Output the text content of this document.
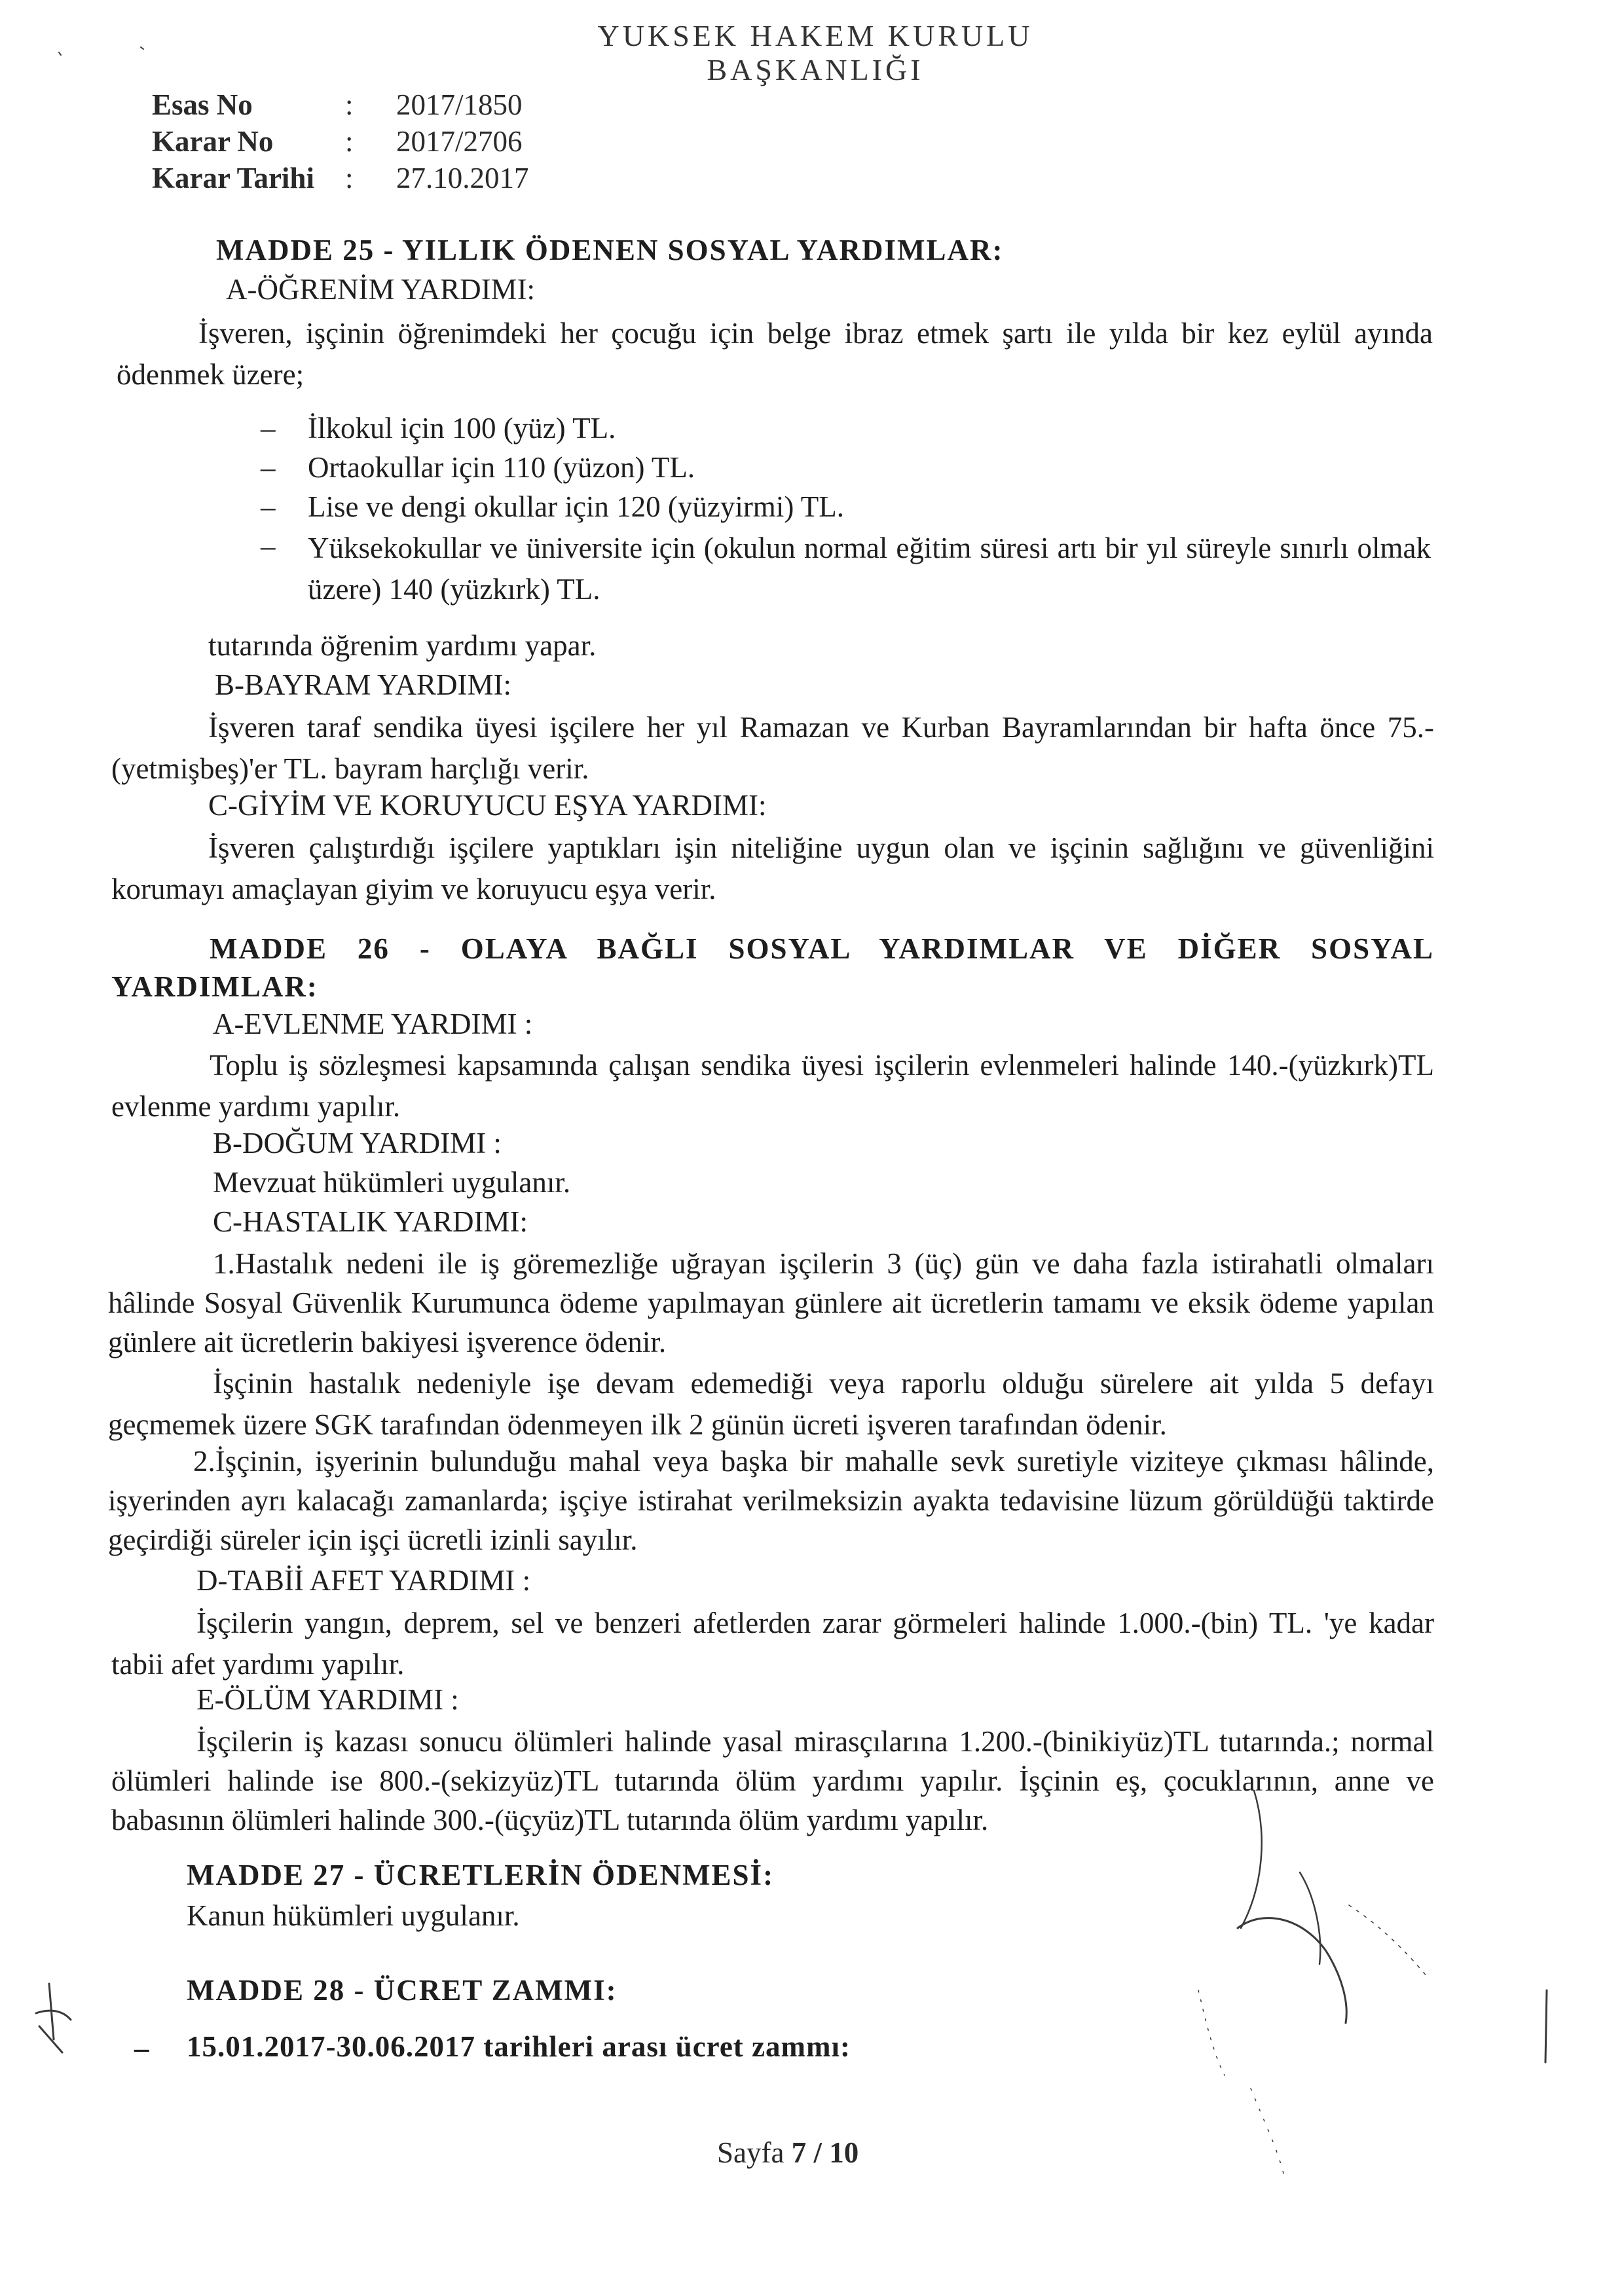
YUKSEK HAKEM KURULU
BAŞKANLIĞI
Esas No	: 2017/1850
Karar No : 2017/2706
Karar Tarihi : 27.10.2017
MADDE 25 - YILLIK ÖDENEN SOSYAL YARDIMLAR:
A-ÖĞRENİM YARDIMI:
İşveren, işçinin öğrenimdeki her çocuğu için belge ibraz etmek şartı ile yılda bir kez eylül ayında ödenmek üzere;
– İlkokul için 100 (yüz) TL.
– Ortaokullar için 110 (yüzon) TL.
– Lise ve dengi okullar için 120 (yüzyirmi) TL.
– Yüksekokullar ve üniversite için (okulun normal eğitim süresi artı bir yıl süreyle sınırlı olmak üzere) 140 (yüzkırk) TL.
tutarında öğrenim yardımı yapar.
B-BAYRAM YARDIMI:
İşveren taraf sendika üyesi işçilere her yıl Ramazan ve Kurban Bayramlarından bir hafta önce 75.-(yetmişbeş)'er TL. bayram harçlığı verir.
C-GİYİM VE KORUYUCU EŞYA YARDIMI:
İşveren çalıştırdığı işçilere yaptıkları işin niteliğine uygun olan ve işçinin sağlığını ve güvenliğini korumayı amaçlayan giyim ve koruyucu eşya verir.
MADDE 26 - OLAYA BAĞLI SOSYAL YARDIMLAR VE DİĞER SOSYAL YARDIMLAR:
A-EVLENME YARDIMI :
Toplu iş sözleşmesi kapsamında çalışan sendika üyesi işçilerin evlenmeleri halinde 140.-(yüzkırk)TL evlenme yardımı yapılır.
B-DOĞUM YARDIMI :
Mevzuat hükümleri uygulanır.
C-HASTALIK YARDIMI:
1.Hastalık nedeni ile iş göremezliğe uğrayan işçilerin 3 (üç) gün ve daha fazla istirahatli olmaları hâlinde Sosyal Güvenlik Kurumunca ödeme yapılmayan günlere ait ücretlerin tamamı ve eksik ödeme yapılan günlere ait ücretlerin bakiyesi işverence ödenir.
İşçinin hastalık nedeniyle işe devam edemediği veya raporlu olduğu sürelere ait yılda 5 defayı geçmemek üzere SGK tarafından ödenmeyen ilk 2 günün ücreti işveren tarafından ödenir.
2.İşçinin, işyerinin bulunduğu mahal veya başka bir mahalle sevk suretiyle viziteye çıkması hâlinde, işyerinden ayrı kalacağı zamanlarda; işçiye istirahat verilmeksizin ayakta tedavisine lüzum görüldüğü taktirde geçirdiği süreler için işçi ücretli izinli sayılır.
D-TABİİ AFET YARDIMI :
İşçilerin yangın, deprem, sel ve benzeri afetlerden zarar görmeleri halinde 1.000.-(bin) TL. 'ye kadar tabii afet yardımı yapılır.
E-ÖLÜM YARDIMI :
İşçilerin iş kazası sonucu ölümleri halinde yasal mirasçılarına 1.200.-(binikiyüz)TL tutarında.; normal ölümleri halinde ise 800.-(sekizyüz)TL tutarında ölüm yardımı yapılır. İşçinin eş, çocuklarının, anne ve babasının ölümleri halinde 300.-(üçyüz)TL tutarında ölüm yardımı yapılır.
MADDE 27 - ÜCRETLERİN ÖDENMESİ:
Kanun hükümleri uygulanır.
MADDE 28 - ÜCRET ZAMMI:
– 15.01.2017-30.06.2017 tarihleri arası ücret zammı:
Sayfa 7 / 10
